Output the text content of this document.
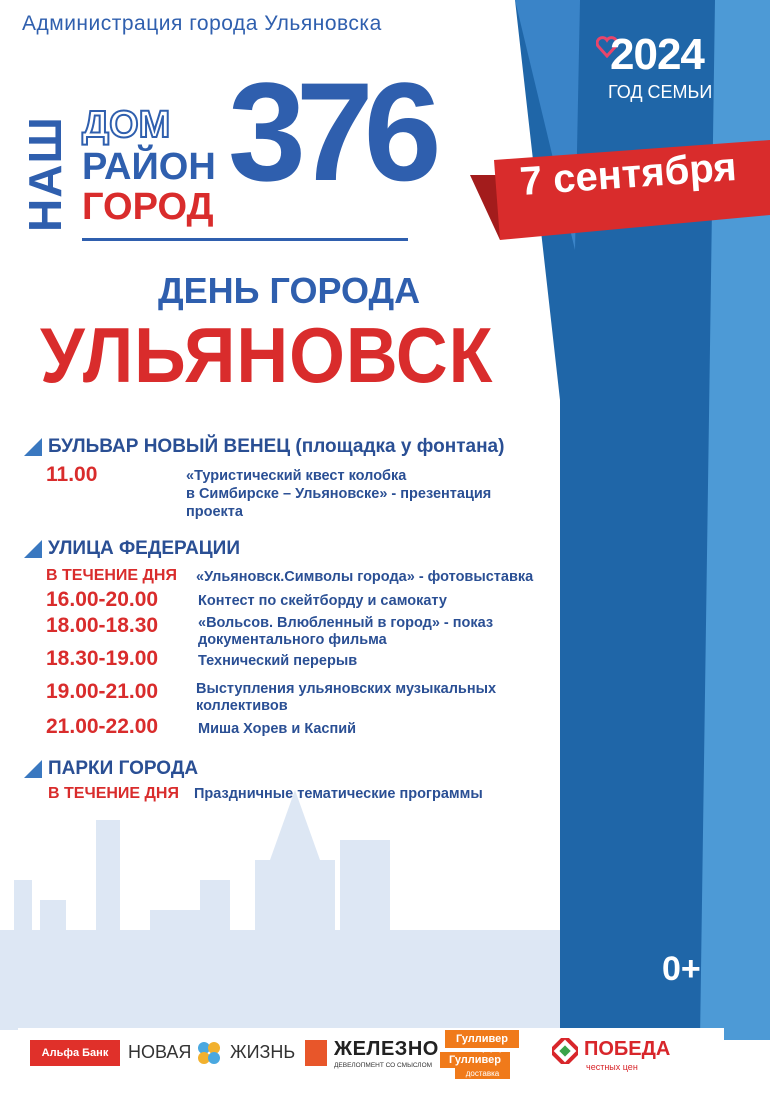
Администрация города Ульяновска
2024
ГОД СЕМЬИ
7 сентября
НАШ ДОМ
РАЙОН
ГОРОД 376
ДЕНЬ ГОРОДА
УЛЬЯНОВСК
БУЛЬВАР НОВЫЙ ВЕНЕЦ (площадка у фонтана)
11.00	«Туристический квест колобка
в Симбирске – Ульяновске» - презентация
проекта
УЛИЦА ФЕДЕРАЦИИ
В ТЕЧЕНИЕ ДНЯ «Ульяновск.Символы города» - фотовыставка
16.00-20.00	Контест по скейтборду и самокату
18.00-18.30	«Вольсов. Влюбленный в город» - показ
документального фильма
18.30-19.00	Технический перерыв
19.00-21.00	Выступления ульяновских музыкальных
коллективов
21.00-22.00	Миша Хорев и Каспий
ПАРКИ ГОРОДА
В ТЕЧЕНИЕ ДНЯ Праздничные тематические программы
0+
Альфа Банк	НОВАЯ ЖИЗНЬ ЖЕЛЕЗНО
ДЕВЕЛОПМЕНТ СО СМЫСЛОМ
Гулливер
Гулливер
доставка
супермаркет	ПОБЕДА
честных цен
